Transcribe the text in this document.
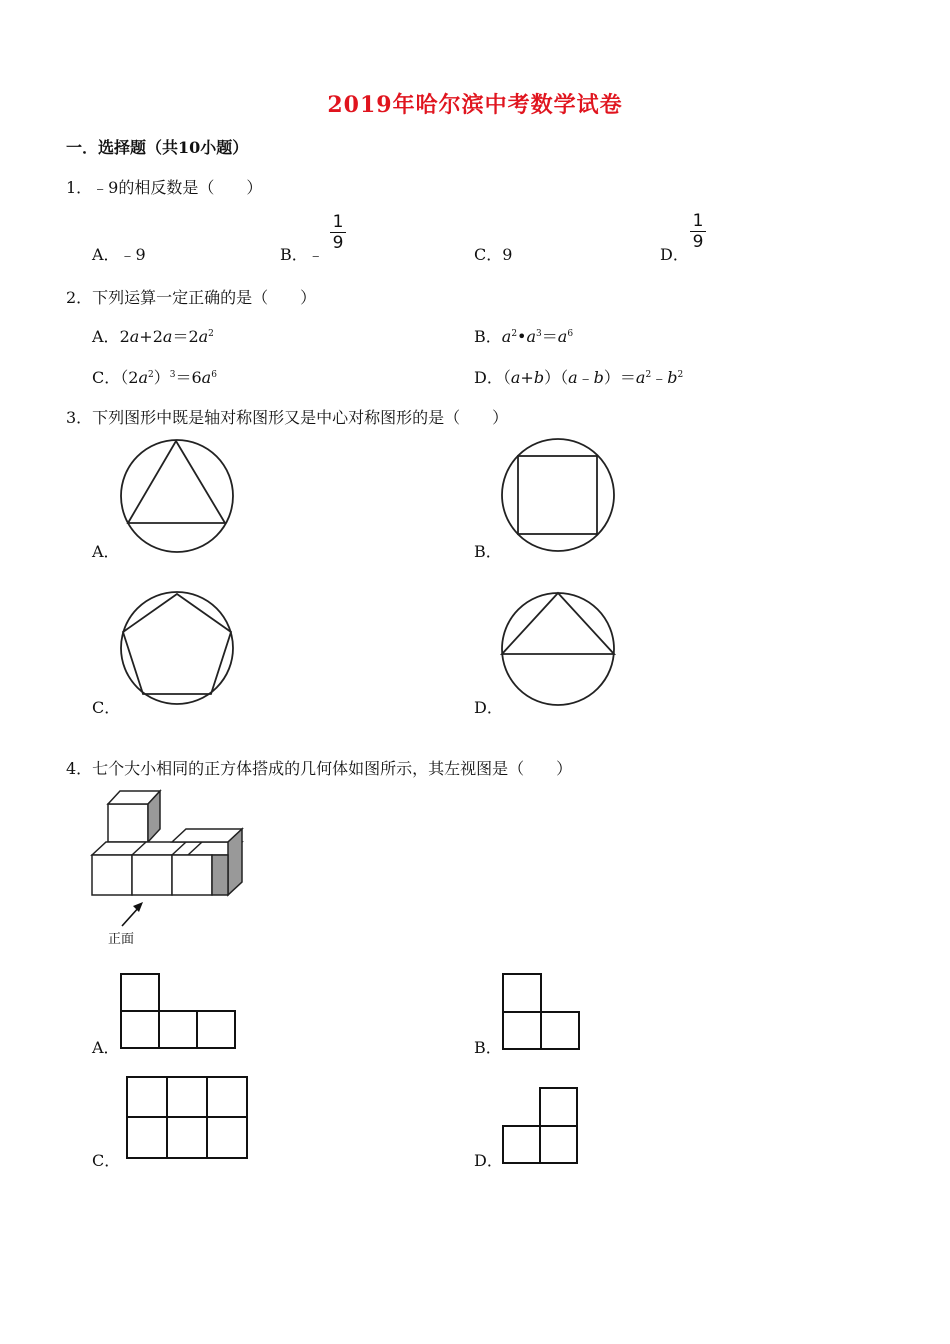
2019年哈尔滨中考数学试卷
一．选择题（共10小题）
1．﹣9的相反数是（　　）
A．﹣9	B．﹣
1
9
C．9	D．
1
9
2．下列运算一定正确的是（　　）
A．$2a+2a=2a^2$	B．$a^2•a^3=a^6$
C．$(2a^2)^3=6a^6$	D．$(a+b)(a﹣b)=a^2﹣b^2$
3．下列图形中既是轴对称图形又是中心对称图形的是（　　）
A．	B．
C．	D．
4．七个大小相同的正方体搭成的几何体如图所示，其左视图是（　　）
正面
A．	B．
C．	D．
